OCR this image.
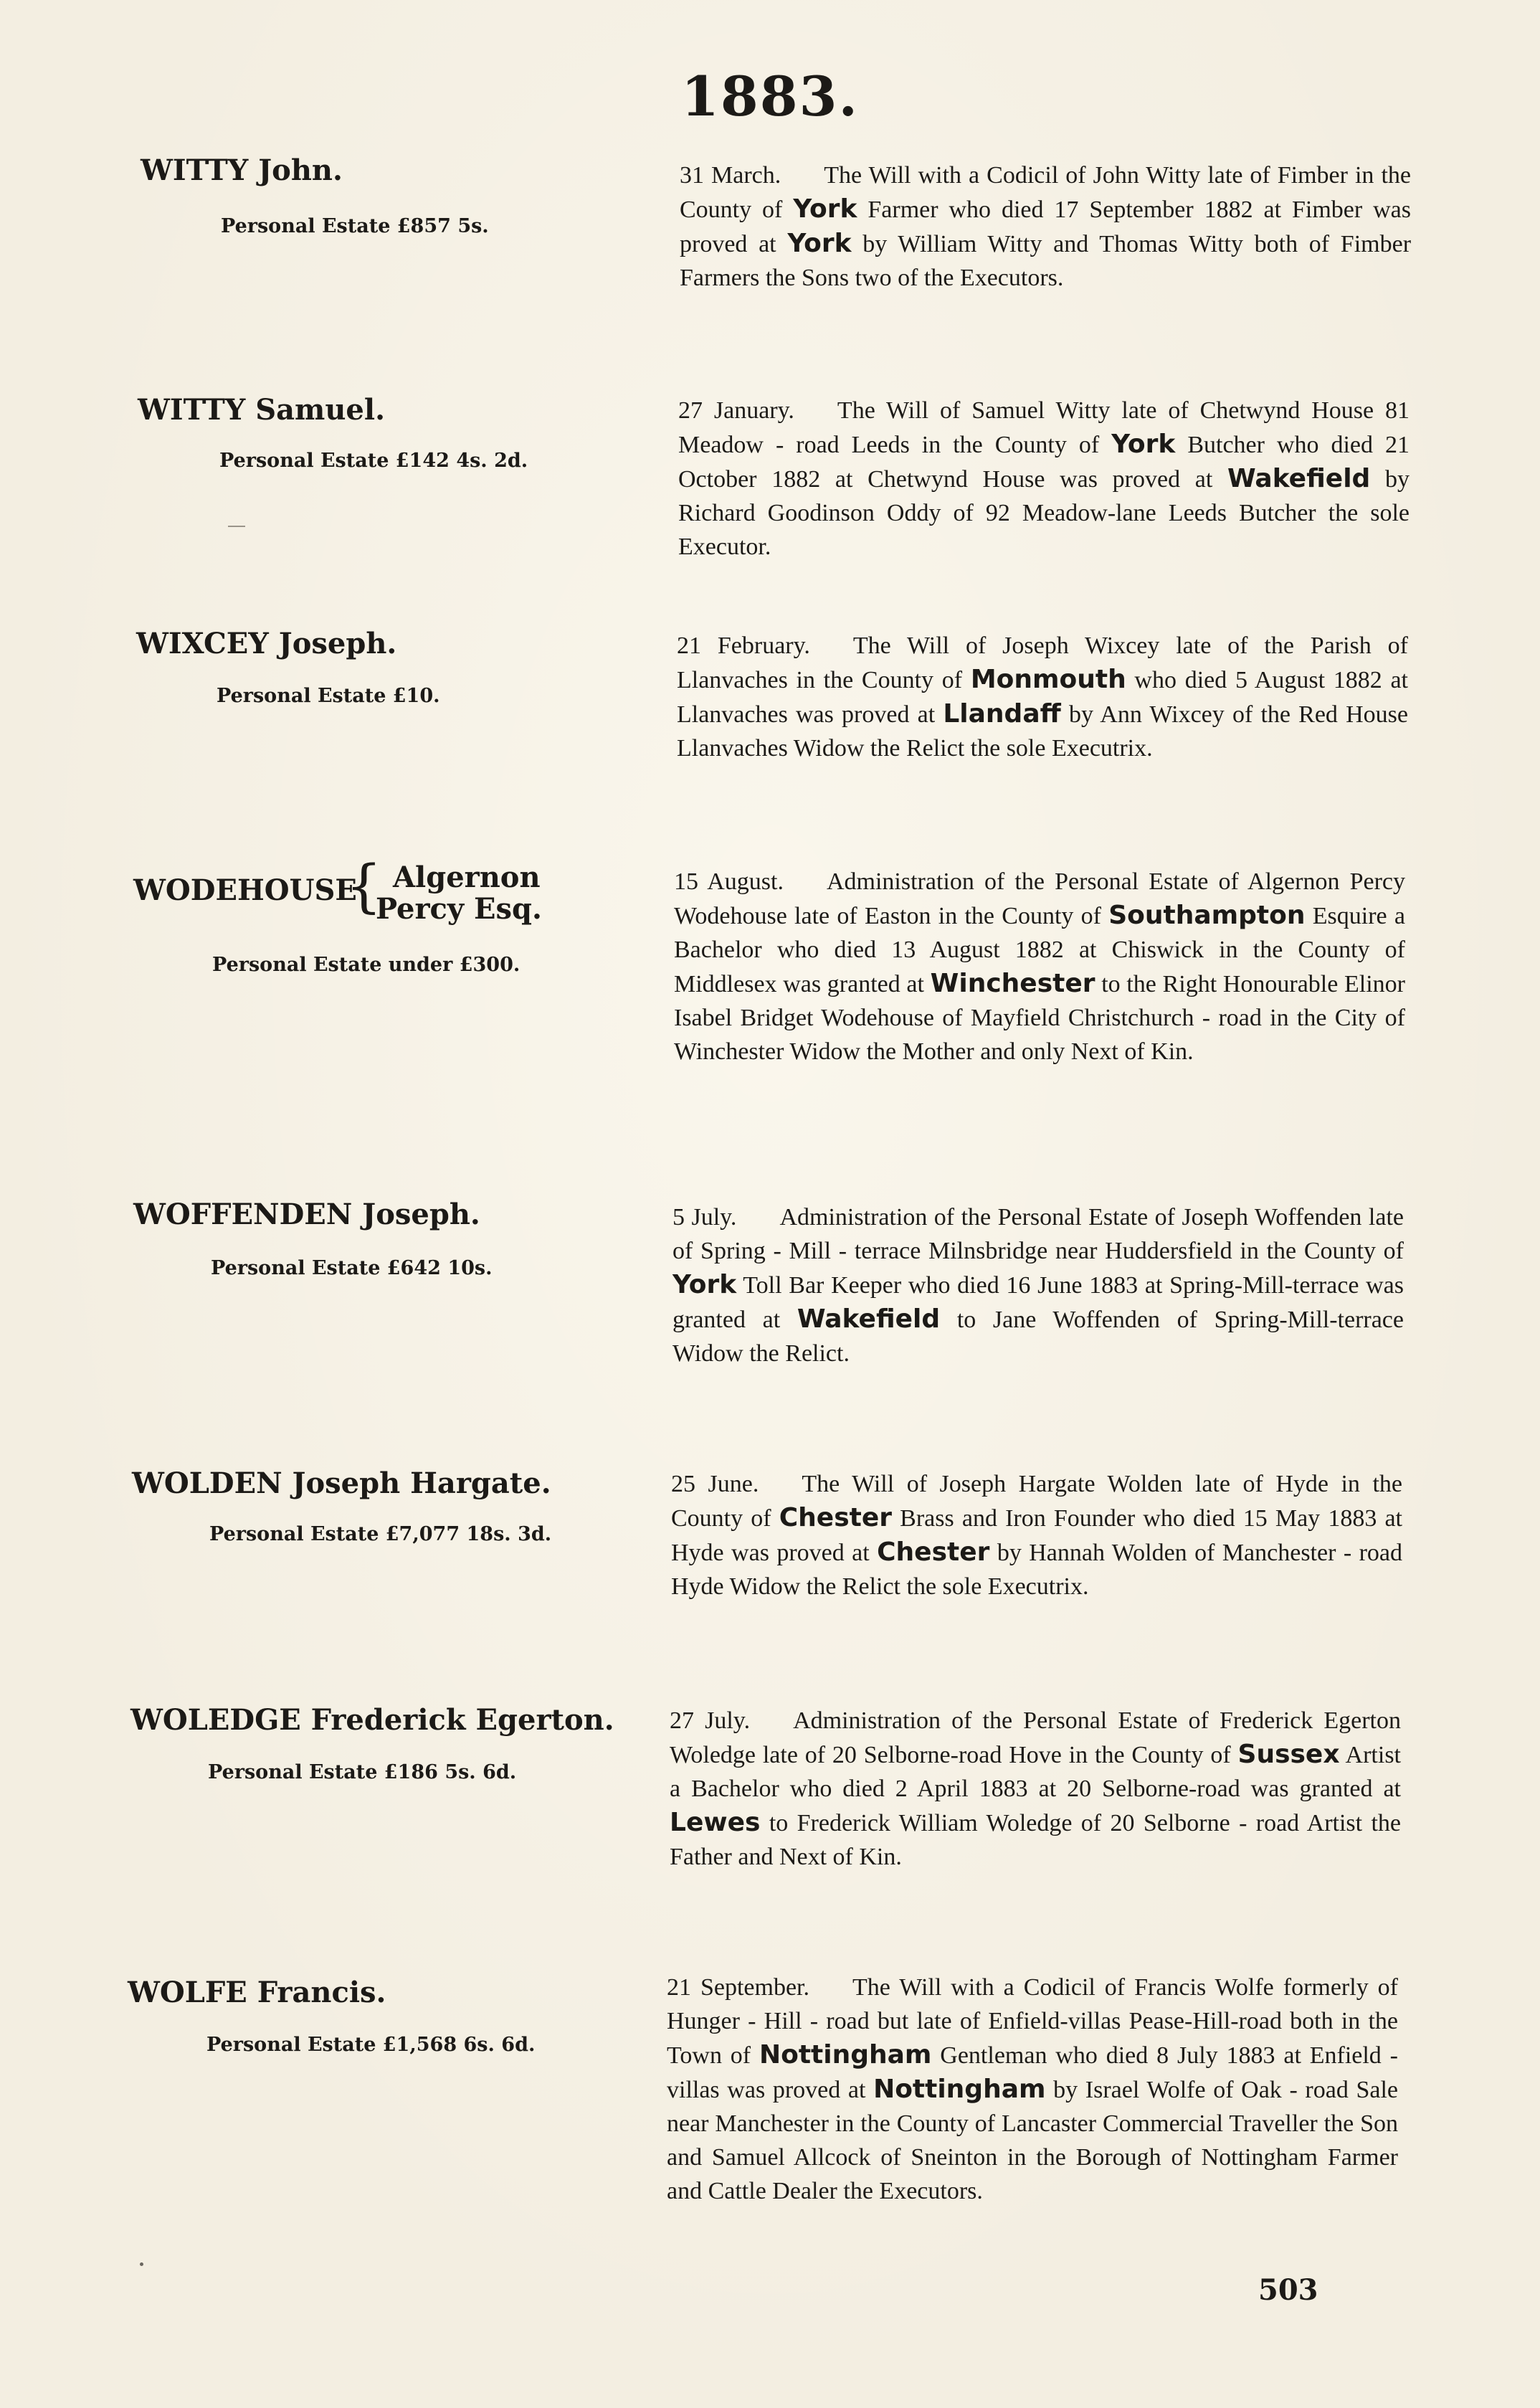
1883.
WITTY John.
Personal Estate £857 5s.
31 March. The Will with a Codicil of John Witty late of Fimber in the County of York Farmer who died 17 September 1882 at Fimber was proved at York by William Witty and Thomas Witty both of Fimber Farmers the Sons two of the Executors.
WITTY Samuel.
Personal Estate £142 4s. 2d.
27 January. The Will of Samuel Witty late of Chetwynd House 81 Meadow - road Leeds in the County of York Butcher who died 21 October 1882 at Chetwynd House was proved at Wakefield by Richard Goodinson Oddy of 92 Meadow-lane Leeds Butcher the sole Executor.
WIXCEY Joseph.
Personal Estate £10.
21 February. The Will of Joseph Wixcey late of the Parish of Llanvaches in the County of Monmouth who died 5 August 1882 at Llanvaches was proved at Llandaff by Ann Wixcey of the Red House Llanvaches Widow the Relict the sole Executrix.
WODEHOUSE
{ Algernon
Percy Esq.
Personal Estate under £300.
15 August. Administration of the Personal Estate of Algernon Percy Wodehouse late of Easton in the County of Southampton Esquire a Bachelor who died 13 August 1882 at Chiswick in the County of Middlesex was granted at Winchester to the Right Honourable Elinor Isabel Bridget Wodehouse of Mayfield Christchurch - road in the City of Winchester Widow the Mother and only Next of Kin.
WOFFENDEN Joseph.
Personal Estate £642 10s.
5 July. Administration of the Personal Estate of Joseph Woffenden late of Spring - Mill - terrace Milnsbridge near Huddersfield in the County of York Toll Bar Keeper who died 16 June 1883 at Spring-Mill-terrace was granted at Wakefield to Jane Woffenden of Spring-Mill-terrace Widow the Relict.
WOLDEN Joseph Hargate.
Personal Estate £7,077 18s. 3d.
25 June. The Will of Joseph Hargate Wolden late of Hyde in the County of Chester Brass and Iron Founder who died 15 May 1883 at Hyde was proved at Chester by Hannah Wolden of Manchester - road Hyde Widow the Relict the sole Executrix.
WOLEDGE Frederick Egerton.
Personal Estate £186 5s. 6d.
27 July. Administration of the Personal Estate of Frederick Egerton Woledge late of 20 Selborne-road Hove in the County of Sussex Artist a Bachelor who died 2 April 1883 at 20 Selborne-road was granted at Lewes to Frederick William Woledge of 20 Selborne - road Artist the Father and Next of Kin.
WOLFE Francis.
Personal Estate £1,568 6s. 6d.
21 September. The Will with a Codicil of Francis Wolfe formerly of Hunger - Hill - road but late of Enfield-villas Pease-Hill-road both in the Town of Nottingham Gentleman who died 8 July 1883 at Enfield - villas was proved at Nottingham by Israel Wolfe of Oak - road Sale near Manchester in the County of Lancaster Commercial Traveller the Son and Samuel Allcock of Sneinton in the Borough of Nottingham Farmer and Cattle Dealer the Executors.
503
